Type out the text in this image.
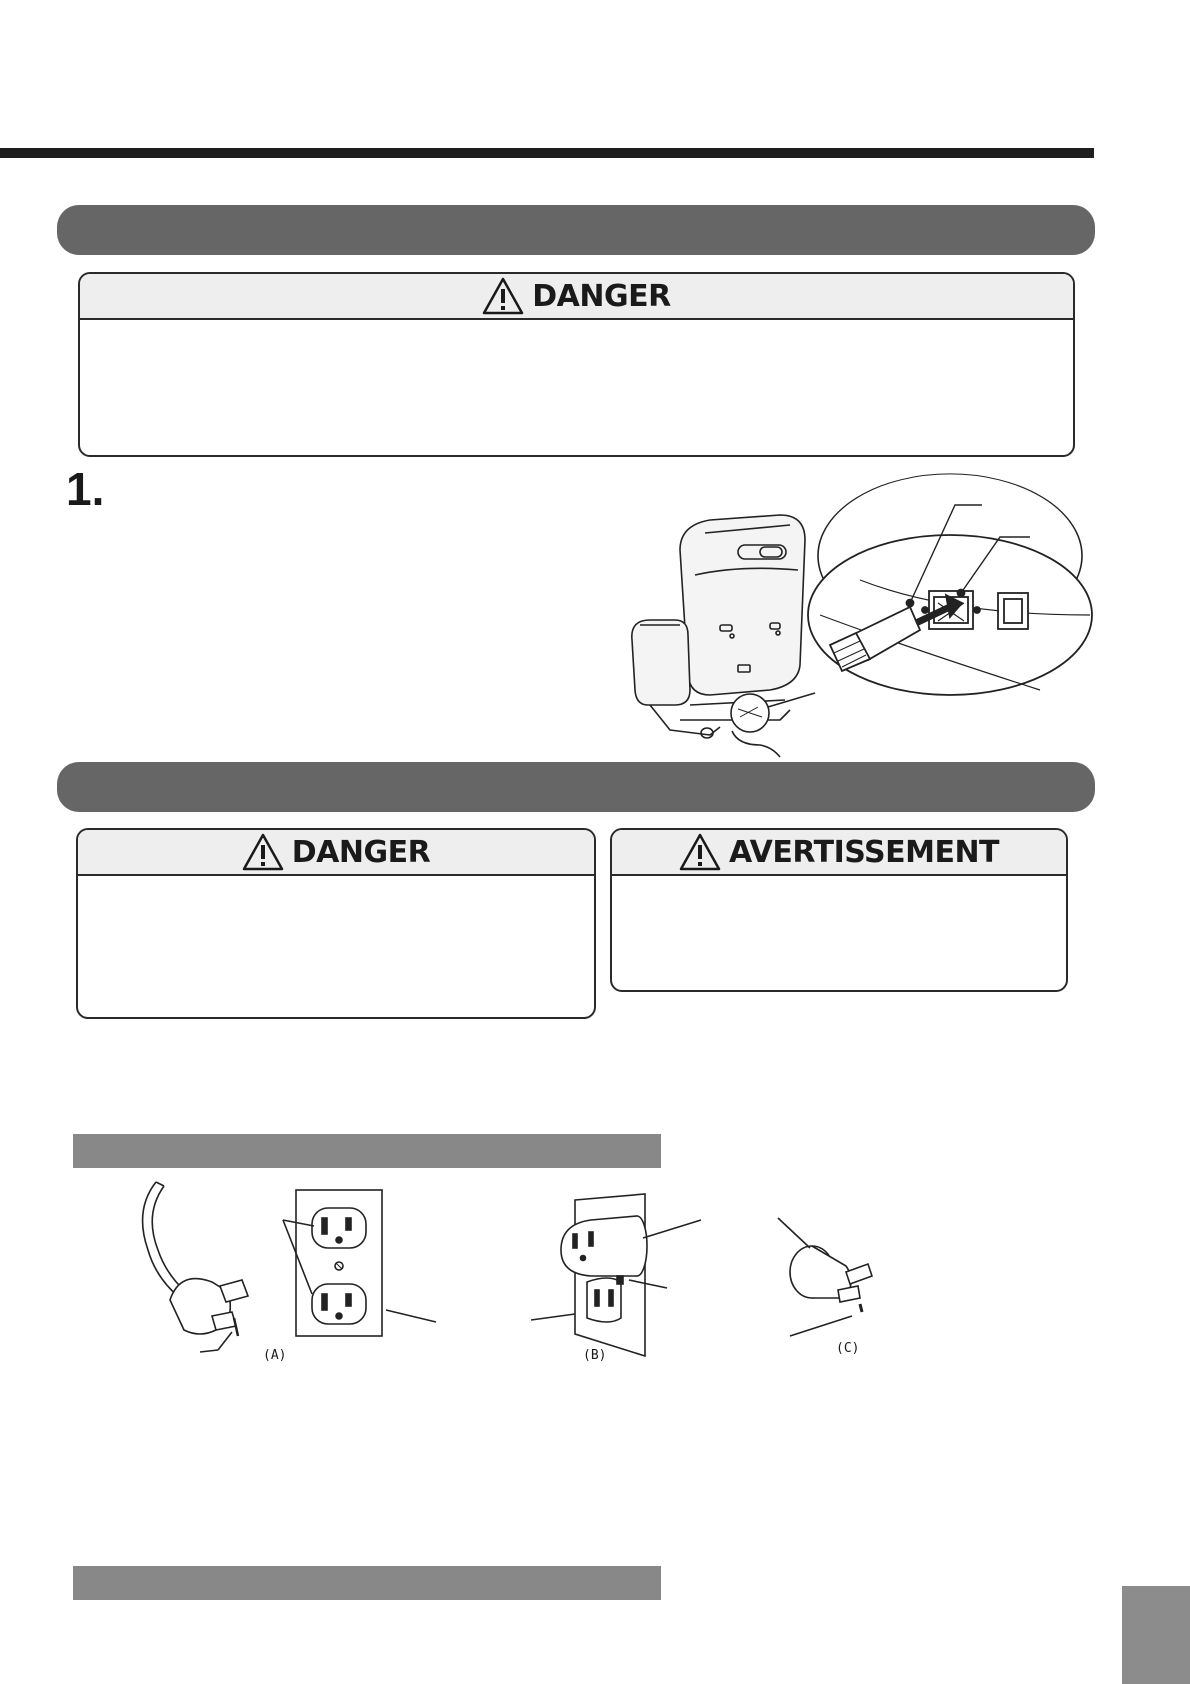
DANGER
1.
DANGER	AVERTISSEMENT
(A)	(B)	(C)
